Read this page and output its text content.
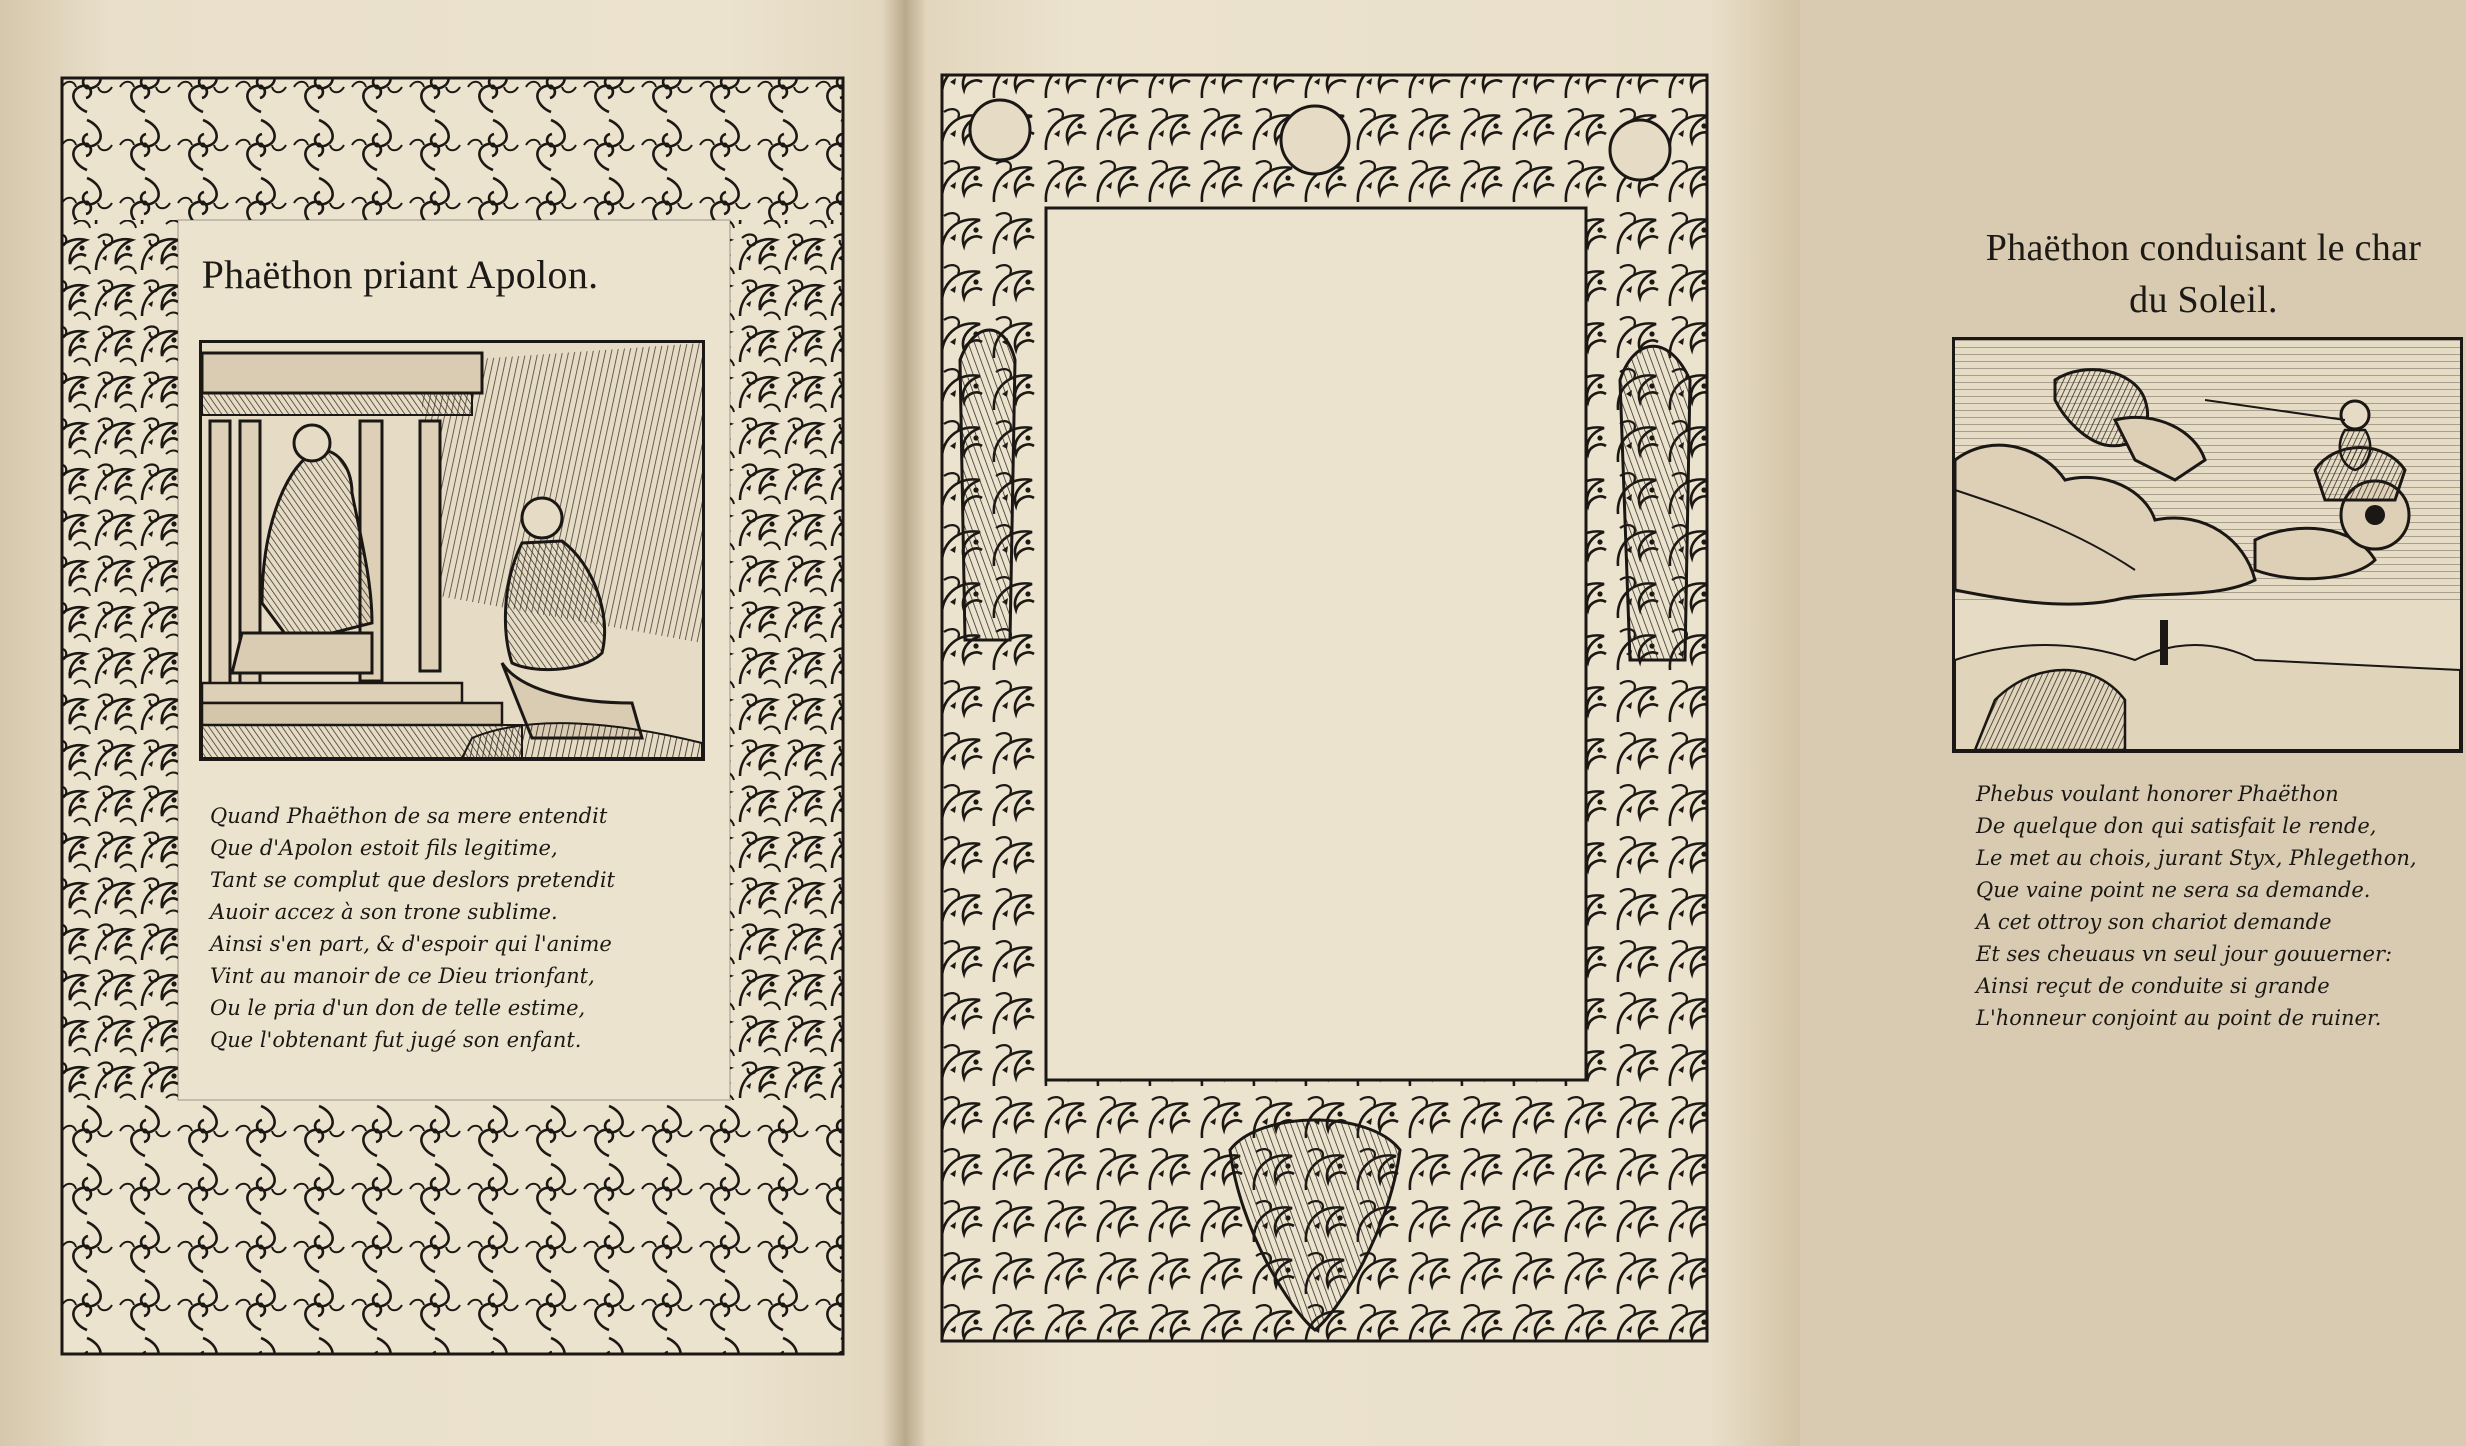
Phaëthon priant Apolon.
Quand Phaëthon de sa mere entendit
Que d'Apolon estoit fils legitime,
Tant se complut que deslors pretendit
Auoir accez à son trone sublime.
Ainsi s'en part, & d'espoir qui l'anime
Vint au manoir de ce Dieu trionfant,
Ou le pria d'un don de telle estime,
Que l'obtenant fut jugé son enfant.
Phaëthon conduisant le char
du Soleil.
Phebus voulant honorer Phaëthon
De quelque don qui satisfait le rende,
Le met au chois, jurant Styx, Phlegethon,
Que vaine point ne sera sa demande.
A cet ottroy son chariot demande
Et ses cheuaus vn seul jour gouuerner:
Ainsi reçut de conduite si grande
L'honneur conjoint au point de ruiner.
